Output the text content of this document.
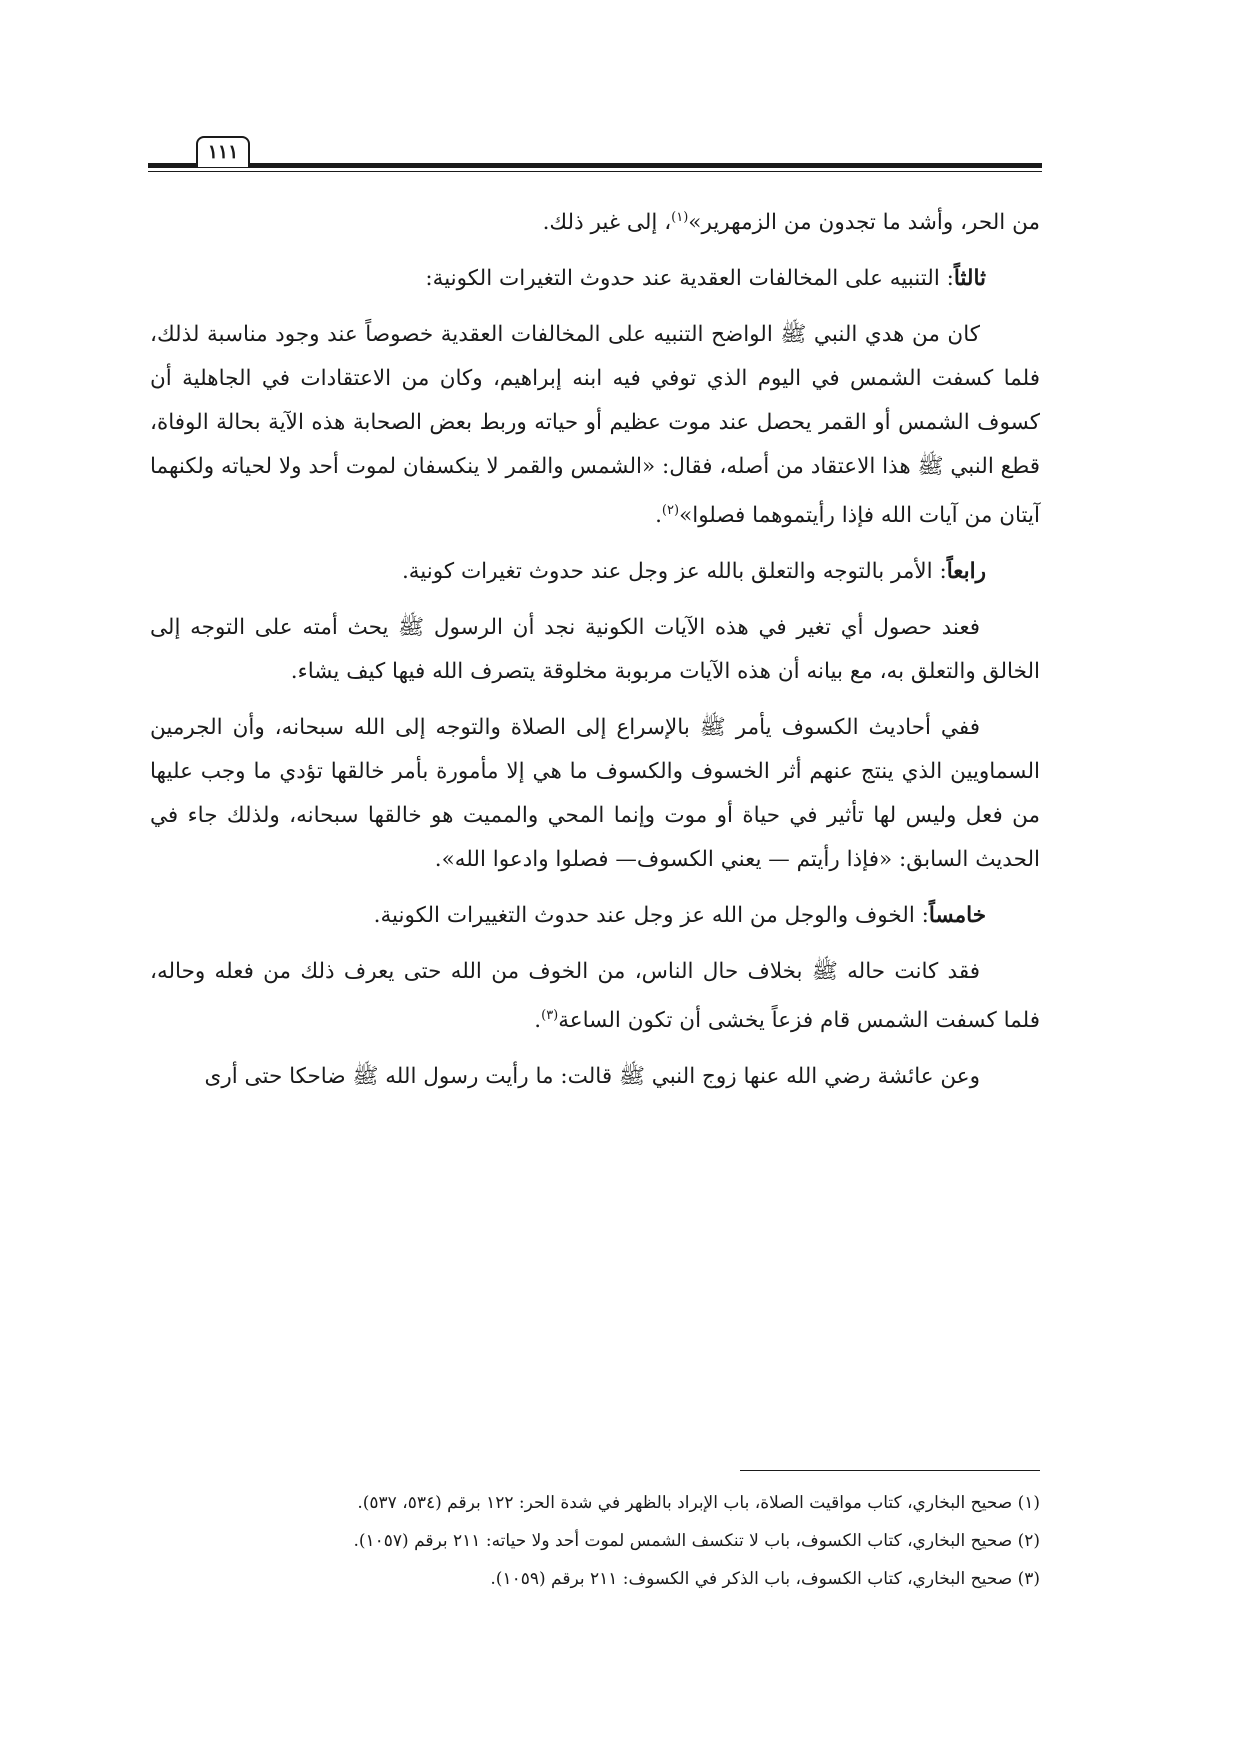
١١١

من الحر، وأشد ما تجدون من الزمهرير»$^{(١)}$، إلى غير ذلك.

ثالثاً: التنبيه على المخالفات العقدية عند حدوث التغيرات الكونية:

كان من هدي النبي ﷺ الواضح التنبيه على المخالفات العقدية خصوصاً عند وجود مناسبة لذلك، فلما كسفت الشمس في اليوم الذي توفي فيه ابنه إبراهيم، وكان من الاعتقادات في الجاهلية أن كسوف الشمس أو القمر يحصل عند موت عظيم أو حياته وربط بعض الصحابة هذه الآية بحالة الوفاة، قطع النبي ﷺ هذا الاعتقاد من أصله، فقال: «الشمس والقمر لا ينكسفان لموت أحد ولا لحياته ولكنهما آيتان من آيات الله فإذا رأيتموهما فصلوا»$^{(٢)}$.

رابعاً: الأمر بالتوجه والتعلق بالله عز وجل عند حدوث تغيرات كونية.

فعند حصول أي تغير في هذه الآيات الكونية نجد أن الرسول ﷺ يحث أمته على التوجه إلى الخالق والتعلق به، مع بيانه أن هذه الآيات مربوبة مخلوقة يتصرف الله فيها كيف يشاء.

ففي أحاديث الكسوف يأمر ﷺ بالإسراع إلى الصلاة والتوجه إلى الله سبحانه، وأن الجرمين السماويين الذي ينتج عنهم أثر الخسوف والكسوف ما هي إلا مأمورة بأمر خالقها تؤدي ما وجب عليها من فعل وليس لها تأثير في حياة أو موت وإنما المحي والمميت هو خالقها سبحانه، ولذلك جاء في الحديث السابق: «فإذا رأيتم — يعني الكسوف— فصلوا وادعوا الله».

خامساً: الخوف والوجل من الله عز وجل عند حدوث التغييرات الكونية.

فقد كانت حاله ﷺ بخلاف حال الناس، من الخوف من الله حتى يعرف ذلك من فعله وحاله، فلما كسفت الشمس قام فزعاً يخشى أن تكون الساعة$^{(٣)}$.

وعن عائشة رضي الله عنها زوج النبي ﷺ قالت: ما رأيت رسول الله ﷺ ضاحكا حتى أرى

(١) صحيح البخاري، كتاب مواقيت الصلاة، باب الإبراد بالظهر في شدة الحر: ١٢٢ برقم (٥٣٤، ٥٣٧).
(٢) صحيح البخاري، كتاب الكسوف، باب لا تنكسف الشمس لموت أحد ولا حياته: ٢١١ برقم (١٠٥٧).
(٣) صحيح البخاري، كتاب الكسوف، باب الذكر في الكسوف: ٢١١ برقم (١٠٥٩).
